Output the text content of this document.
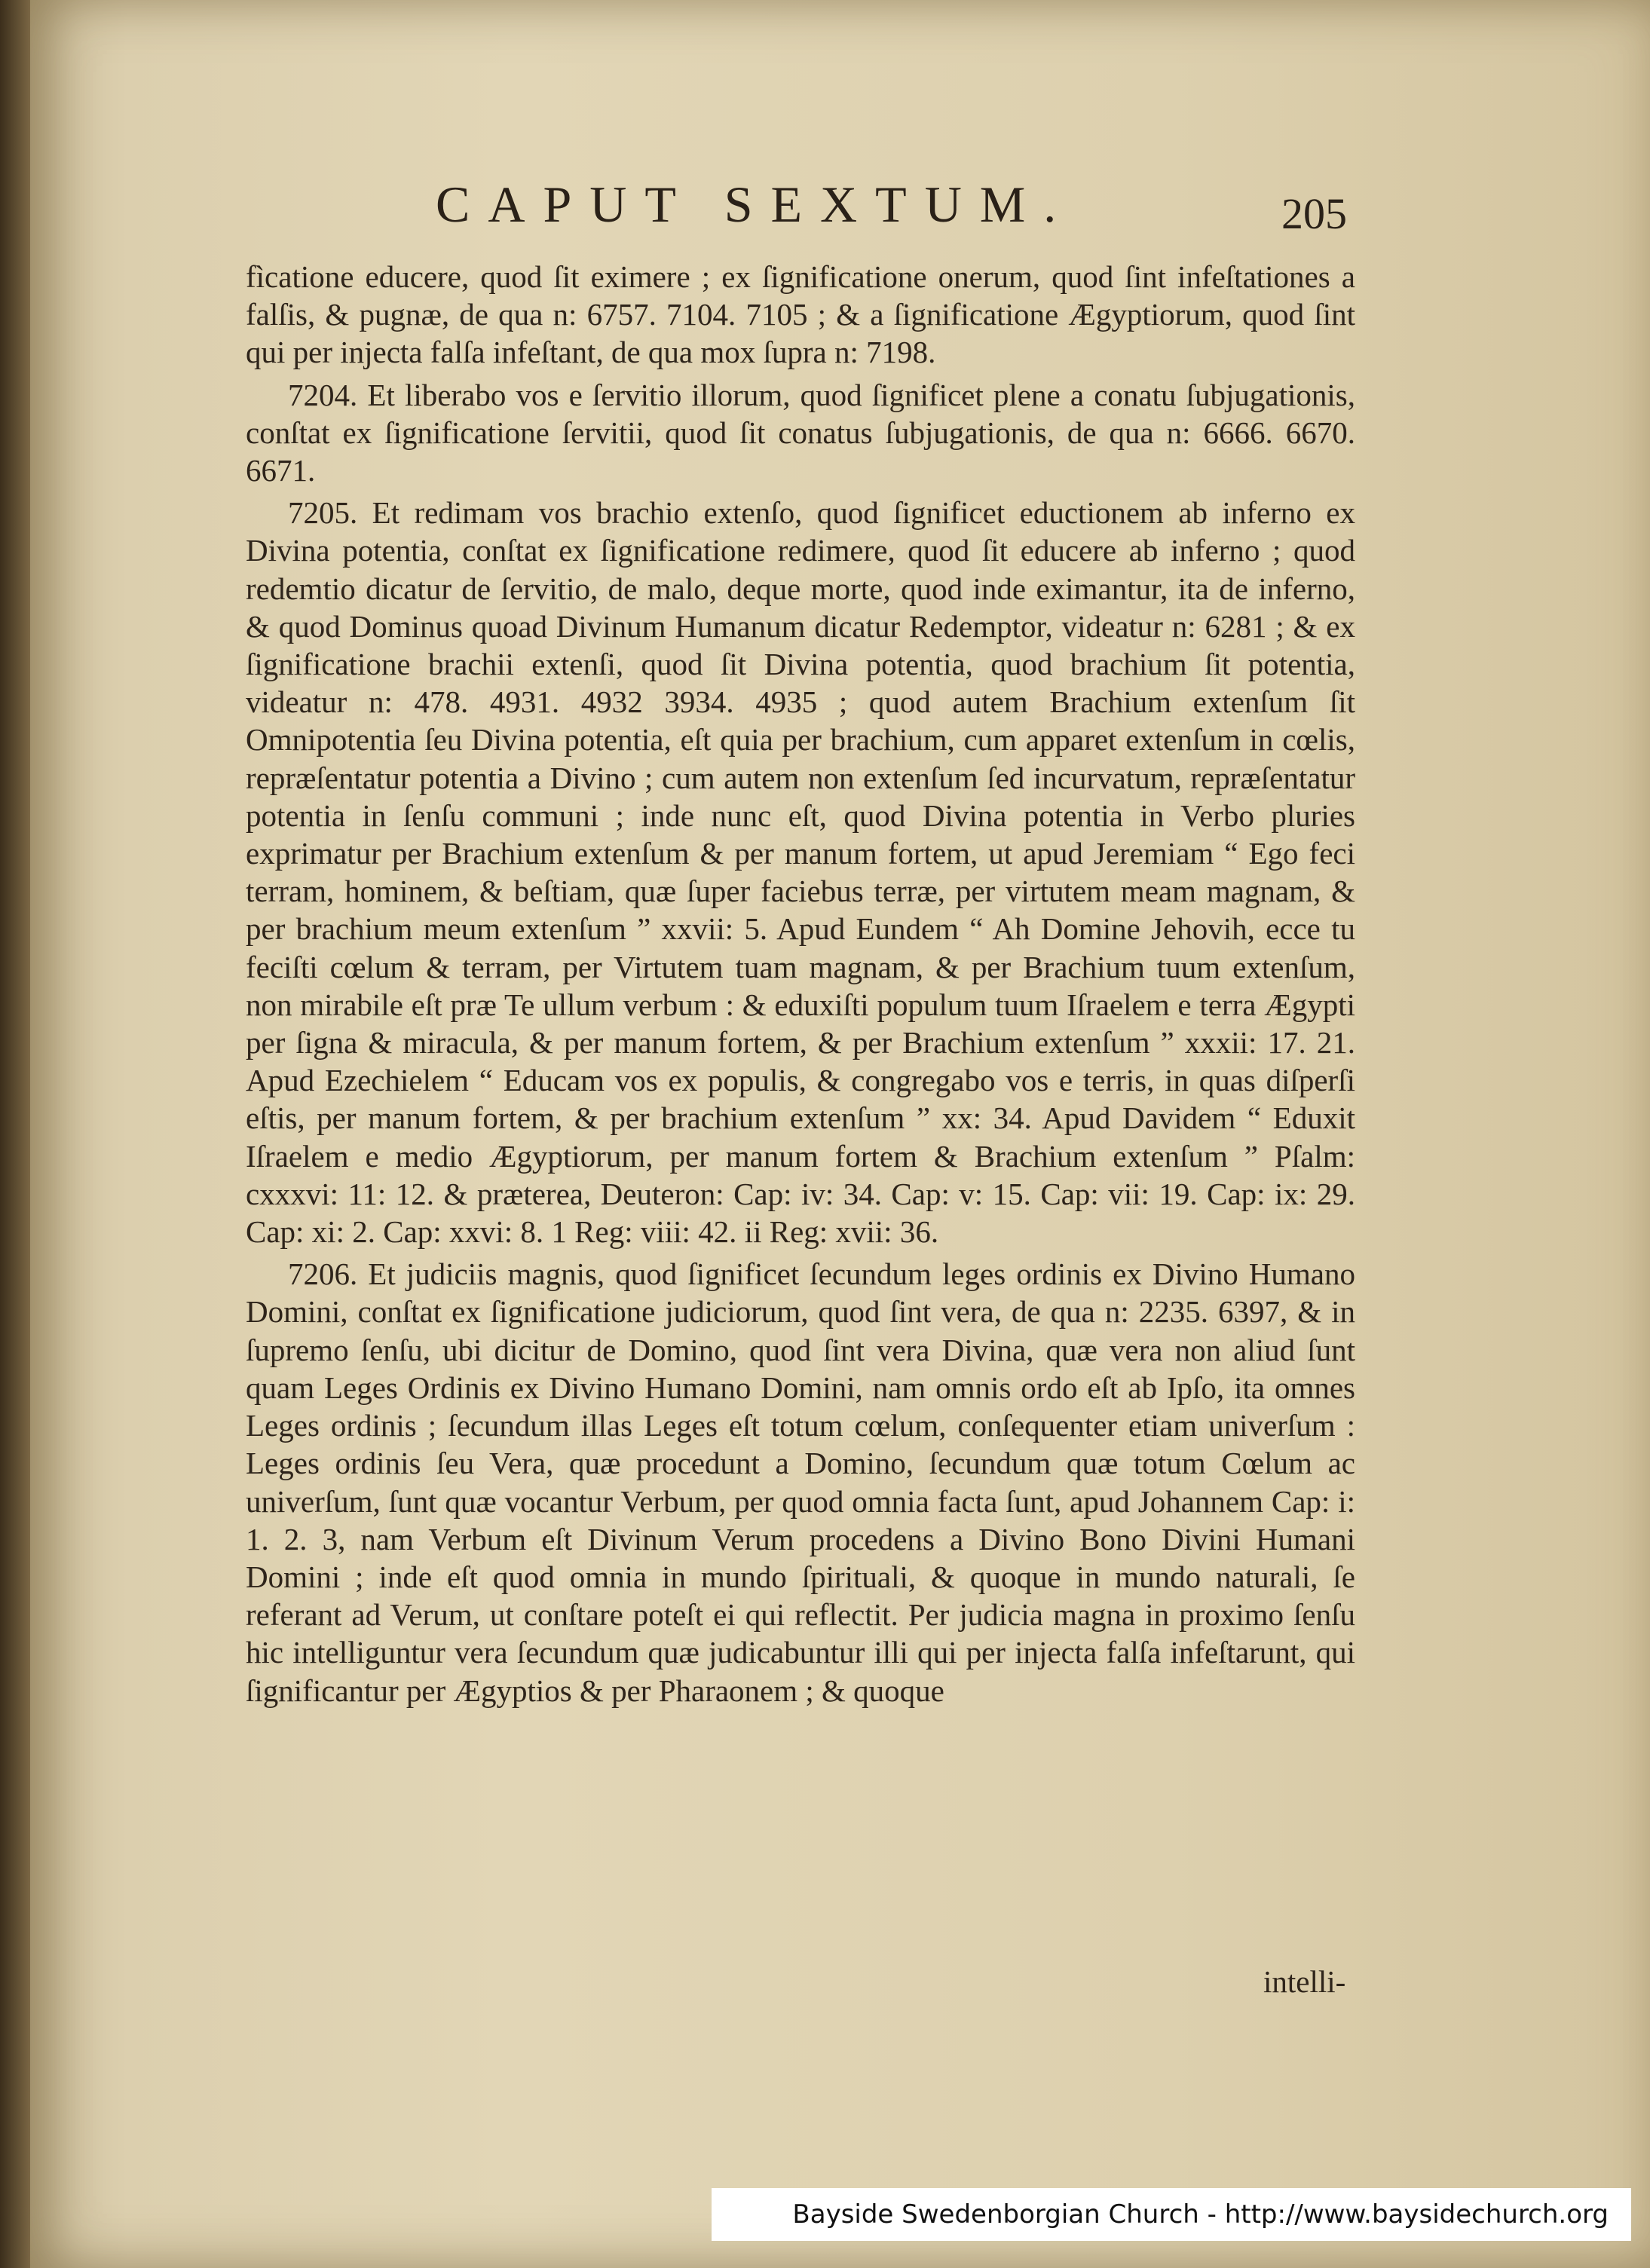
CAPUT SEXTUM.	205

fìcatione educere, quod ſit eximere ; ex ſignificatione onerum, quod ſint infeſtationes a falſis, & pugnæ, de qua n: 6757. 7104. 7105 ; & a ſignificatione Ægyptiorum, quod ſint qui per injecta falſa infeſtant, de qua mox ſupra n: 7198.

7204. Et liberabo vos e ſervitio illorum, quod ſignificet plene a conatu ſubjugationis, conſtat ex ſignificatione ſervitii, quod ſit conatus ſubjugationis, de qua n: 6666. 6670. 6671.

7205. Et redimam vos brachio extenſo, quod ſignificet eductionem ab inferno ex Divina potentia, conſtat ex ſignificatione redimere, quod ſit educere ab inferno ; quod redemtio dicatur de ſervitio, de malo, deque morte, quod inde eximantur, ita de inferno, & quod Dominus quoad Divinum Humanum dicatur Redemptor, videatur n: 6281 ; & ex ſignificatione brachii extenſi, quod ſit Divina potentia, quod brachium ſit potentia, videatur n: 478. 4931. 4932 3934. 4935 ; quod autem Brachium extenſum ſit Omnipotentia ſeu Divina potentia, eſt quia per brachium, cum apparet extenſum in cœlis, repræſentatur potentia a Divino ; cum autem non extenſum ſed incurvatum, repræſentatur potentia in ſenſu communi ; inde nunc eſt, quod Divina potentia in Verbo pluries exprimatur per Brachium extenſum & per manum fortem, ut apud Jeremiam “ Ego feci terram, hominem, & beſtiam, quæ ſuper faciebus terræ, per virtutem meam magnam, & per brachium meum extenſum ” xxvii: 5. Apud Eundem “ Ah Domine Jehovih, ecce tu feciſti cœlum & terram, per Virtutem tuam magnam, & per Brachium tuum extenſum, non mirabile eſt præ Te ullum verbum : & eduxiſti populum tuum Iſraelem e terra Ægypti per ſigna & miracula, & per manum fortem, & per Brachium extenſum ” xxxii: 17. 21. Apud Ezechielem “ Educam vos ex populis, & congregabo vos e terris, in quas diſperſi eſtis, per manum fortem, & per brachium extenſum ” xx: 34. Apud Davidem “ Eduxit Iſraelem e medio Ægyptiorum, per manum fortem & Brachium extenſum ” Pſalm: cxxxvi: 11: 12. & præterea, Deuteron: Cap: iv: 34. Cap: v: 15. Cap: vii: 19. Cap: ix: 29. Cap: xi: 2. Cap: xxvi: 8. 1 Reg: viii: 42. ii Reg: xvii: 36.

7206. Et judiciis magnis, quod ſignificet ſecundum leges ordinis ex Divino Humano Domini, conſtat ex ſignificatione judiciorum, quod ſint vera, de qua n: 2235. 6397, & in ſupremo ſenſu, ubi dicitur de Domino, quod ſint vera Divina, quæ vera non aliud ſunt quam Leges Ordinis ex Divino Humano Domini, nam omnis ordo eſt ab Ipſo, ita omnes Leges ordinis ; ſecundum illas Leges eſt totum cœlum, conſequenter etiam univerſum : Leges ordinis ſeu Vera, quæ procedunt a Domino, ſecundum quæ totum Cœlum ac univerſum, ſunt quæ vocantur Verbum, per quod omnia facta ſunt, apud Johannem Cap: i: 1. 2. 3, nam Verbum eſt Divinum Verum procedens a Divino Bono Divini Humani Domini ; inde eſt quod omnia in mundo ſpirituali, & quoque in mundo naturali, ſe referant ad Verum, ut conſtare poteſt ei qui reflectit. Per judicia magna in proximo ſenſu hic intelliguntur vera ſecundum quæ judicabuntur illi qui per injecta falſa infeſtarunt, qui ſignificantur per Ægyptios & per Pharaonem ; & quoque

intelli-
Bayside Swedenborgian Church - http://www.baysidechurch.org
